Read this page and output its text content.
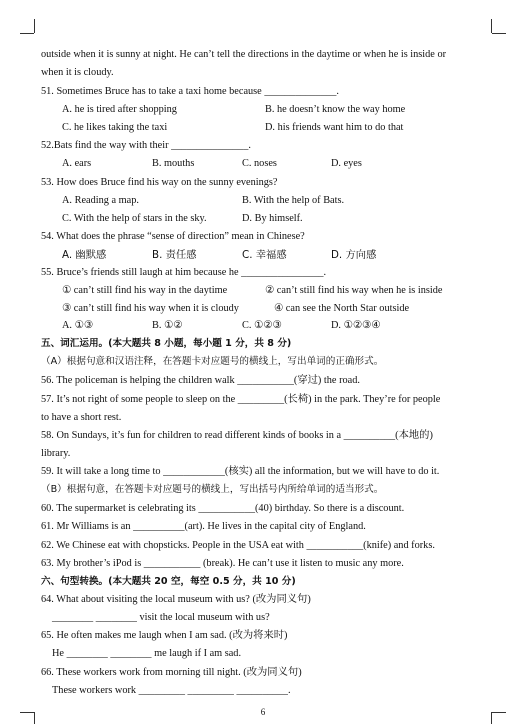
outside when it is sunny at night. He can’t tell the directions in the daytime or when he is inside or
when it is cloudy.
51. Sometimes Bruce has to take a taxi home because ______________.
52.Bats find the way with their _______________.
53. How does Bruce find his way on the sunny evenings?
54. What does the phrase “sense of direction” mean in Chinese?
55. Bruce’s friends still laugh at him because he ________________.
五、词汇运用。(本大题共 8 小题，每小题 1 分，共 8 分)
（A）根据句意和汉语注释，在答题卡对应题号的横线上，写出单词的正确形式。
56. The policeman is helping the children walk ___________(穿过) the road.
57. It’s not right of some people to sleep on the _________(长椅) in the park. They’re for people
to have a short rest.
58. On Sundays, it’s fun for children to read different kinds of books in a __________(本地的)
library.
59. It will take a long time to ____________(核实) all the information, but we will have to do it.
（B）根据句意，在答题卡对应题号的横线上，写出括号内所给单词的适当形式。
60. The supermarket is celebrating its ___________(40) birthday. So there is a discount.
61. Mr Williams is an __________(art). He lives in the capital city of England.
62. We Chinese eat with chopsticks. People in the USA eat with ___________(knife) and forks.
63. My brother’s iPod is ___________ (break). He can’t use it listen to music any more.
六、句型转换。(本大题共 20 空，每空 0.5 分，共 10 分)
64. What about visiting the local museum with us? (改为同义句)
________ ________ visit the local museum with us?
65. He often makes me laugh when I am sad. (改为将来时)
He ________ ________ me laugh if I am sad.
66. These workers work from morning till night. (改为同义句)
These workers work _________ _________ __________.
A. he is tired after shopping	B. he doesn’t know the way home
C. he likes taking the taxi	D. his friends want him to do that
A. ears	B. mouths	C. noses	D. eyes
A. Reading a map.	B. With the help of Bats.
C. With the help of stars in the sky.	D. By himself.
A. 幽默感	B. 责任感	C. 幸福感	D. 方向感
① can’t still find his way in the daytime	② can’t still find his way when he is inside
③ can’t still find his way when it is cloudy	④ can see the North Star outside
A. ①③	B. ①②	C. ①②③	D. ①②③④
6
